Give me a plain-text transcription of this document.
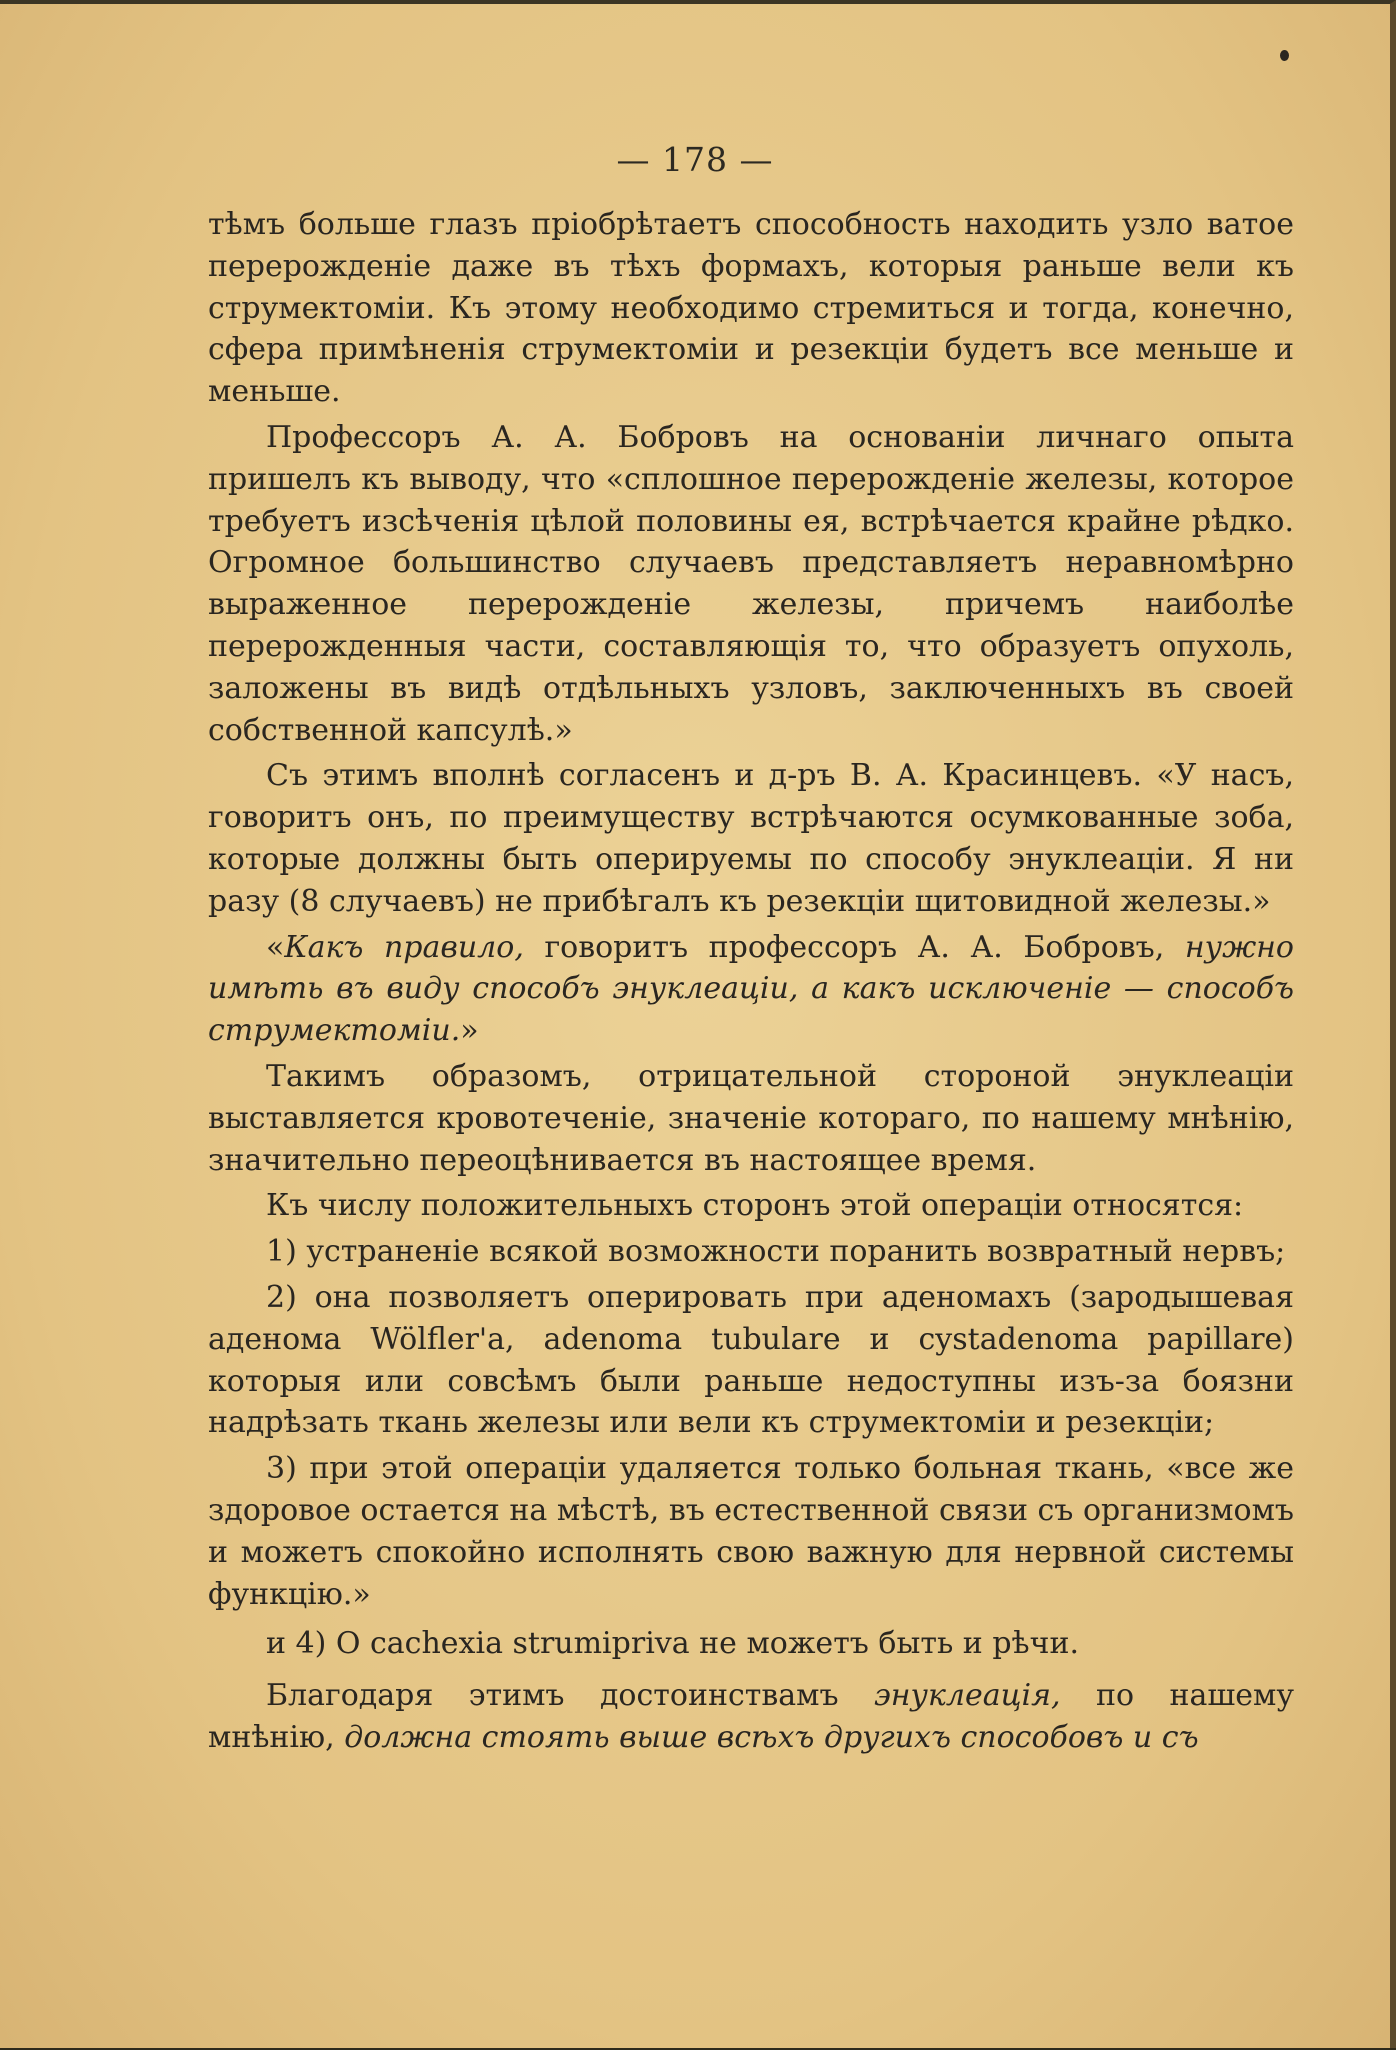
— 178 —

тѣмъ больше глазъ пріобрѣтаетъ способность находить узло ватое перерожденіе даже въ тѣхъ формахъ, которыя раньше вели къ струмектоміи. Къ этому необходимо стремиться и тогда, конечно, сфера примѣненія струмектоміи и резекціи будетъ все меньше и меньше.

Профессоръ А. А. Бобровъ на основаніи личнаго опыта пришелъ къ выводу, что «сплошное перерожденіе железы, которое требуетъ изсѣченія цѣлой половины ея, встрѣчается крайне рѣдко. Огромное большинство случаевъ представляетъ неравномѣрно выраженное перерожденіе железы, причемъ наиболѣе перерожденныя части, составляющія то, что образуетъ опухоль, заложены въ видѣ отдѣльныхъ узловъ, заключенныхъ въ своей собственной капсулѣ.»

Съ этимъ вполнѣ согласенъ и д-ръ В. А. Красинцевъ. «У насъ, говоритъ онъ, по преимуществу встрѣчаются осумкованные зоба, которые должны быть оперируемы по способу энуклеаціи. Я ни разу (8 случаевъ) не прибѣгалъ къ резекціи щитовидной железы.»

«Какъ правило, говоритъ профессоръ А. А. Бобровъ, нужно имѣть въ виду способъ энуклеаціи, а какъ исключеніе — способъ струмектоміи.»

Такимъ образомъ, отрицательной стороной энуклеаціи выставляется кровотеченіе, значеніе котораго, по нашему мнѣнію, значительно переоцѣнивается въ настоящее время.

Къ числу положительныхъ сторонъ этой операціи относятся:

1) устраненіе всякой возможности поранить возвратный нервъ;

2) она позволяетъ оперировать при аденомахъ (зародышевая аденома Wölfler'a, adenoma tubulare и cystadenoma papillare) которыя или совсѣмъ были раньше недоступны изъ-за боязни надрѣзать ткань железы или вели къ струмектоміи и резекціи;

3) при этой операціи удаляется только больная ткань, «все же здоровое остается на мѣстѣ, въ естественной связи съ организмомъ и можетъ спокойно исполнять свою важную для нервной системы функцію.»

и 4) О cachexia strumipriva не можетъ быть и рѣчи.

Благодаря этимъ достоинствамъ энуклеація, по нашему мнѣнію, должна стоять выше всѣхъ другихъ способовъ и съ
